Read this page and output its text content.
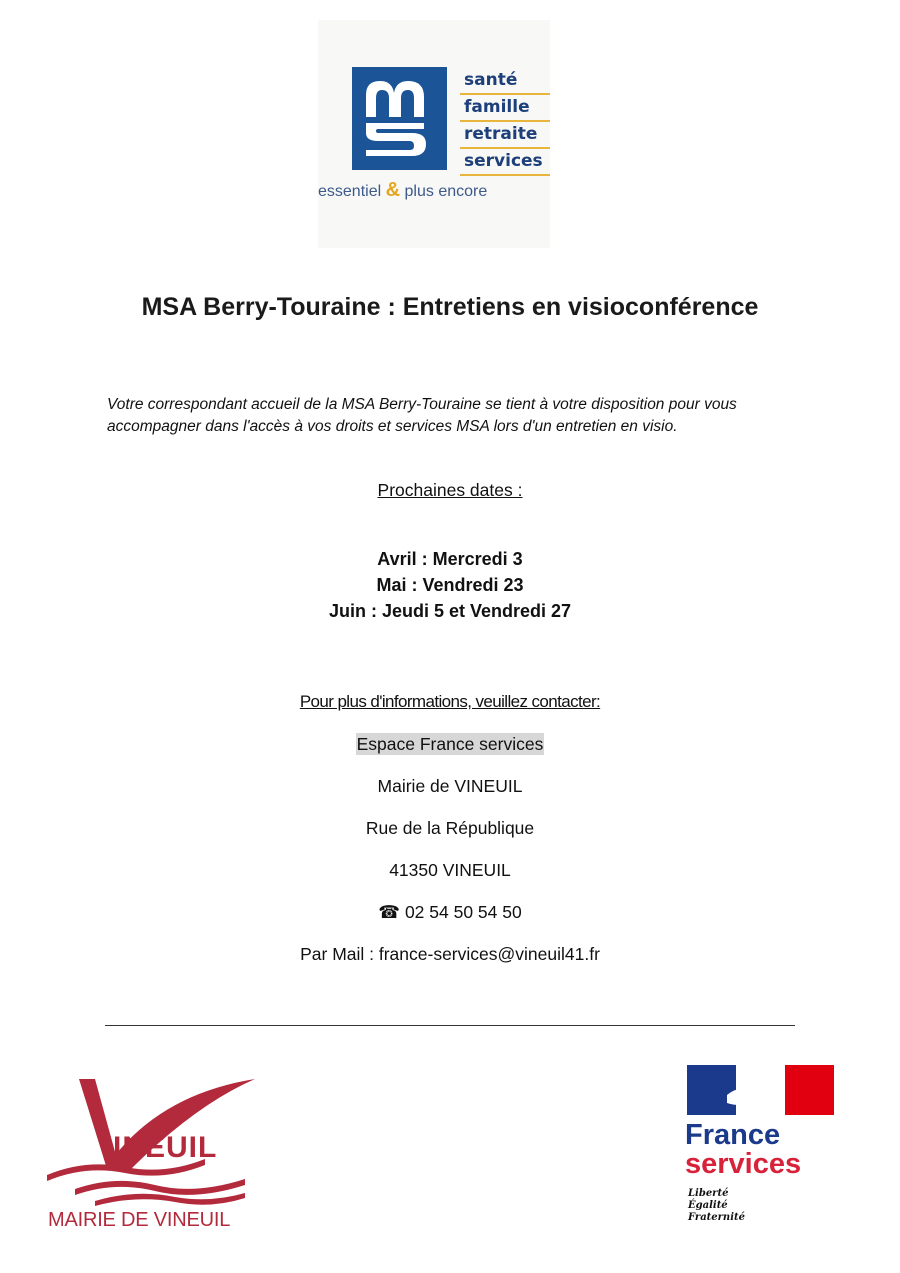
santé
famille
retraite
services
essentiel & plus encore
MSA Berry-Touraine : Entretiens en visioconférence
Votre correspondant accueil de la MSA Berry-Touraine se tient à votre disposition pour vous accompagner dans l'accès à vos droits et services MSA lors d'un entretien en visio.
Prochaines dates :
Avril : Mercredi 3
Mai : Vendredi 23
Juin : Jeudi 5 et Vendredi 27
Pour plus d'informations, veuillez contacter:
Espace France services
Mairie de VINEUIL
Rue de la République
41350 VINEUIL
☎ 02 54 50 54 50
Par Mail : france-services@vineuil41.fr
INEUIL
MAIRIE DE VINEUIL
France
services
Liberté
Égalité
Fraternité
